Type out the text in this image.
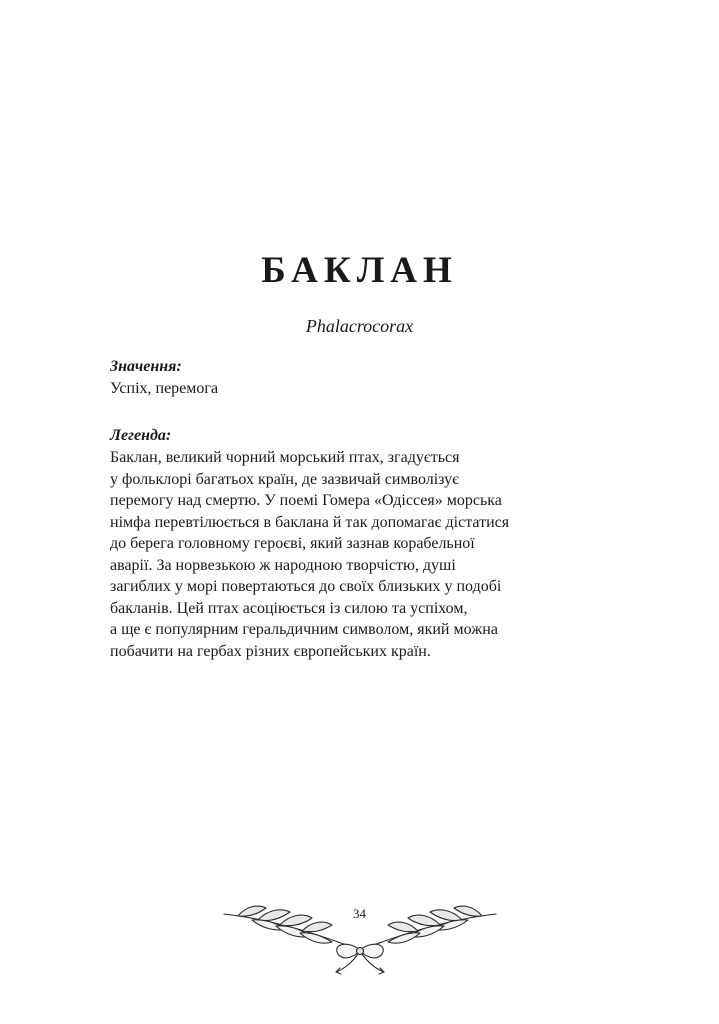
БАКЛАН
Phalacrocorax
Значення:
Успіх, перемога
Легенда:
Баклан, великий чорний морський птах, згадується
у фольклорі багатьох країн, де зазвичай символізує
перемогу над смертю. У поемі Гомера «Одіссея» морська
німфа перевтілюється в баклана й так допомагає дістатися
до берега головному героєві, який зазнав корабельної
аварії. За норвезькою ж народною творчістю, душі
загиблих у морі повертаються до своїх близьких у подобі
бакланів. Цей птах асоціюється із силою та успіхом,
а ще є популярним геральдичним символом, який можна
побачити на гербах різних європейських країн.
34
